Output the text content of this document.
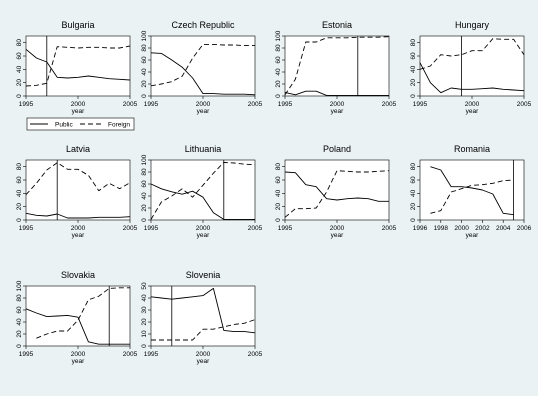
Bulgaria
0
20
40
60
80
1995	2000	2005
year
Czech Republic
0
20
40
60
80
100
1995	2000	2005
year
Estonia
0
20
40
60
80
100
1995	2000	2005
year
Hungary
0
20
40
60
80
1995	2000	2005
year
Latvia
0
20
40
60
80
1995	2000	2005
year
Lithuania
0
20
40
60
80
100
1995	2000	2005
year
Poland
0
20
40
60
80
1995	2000	2005
year
Romania
0
20
40
60
80
1996 1998 2000 2002 2004 2006
year
Slovakia
0
20
40
60
80
100
1995	2000	2005
year
Slovenia
0
10
20
30
40
50
1995	2000	2005
year
Public	Foreign
